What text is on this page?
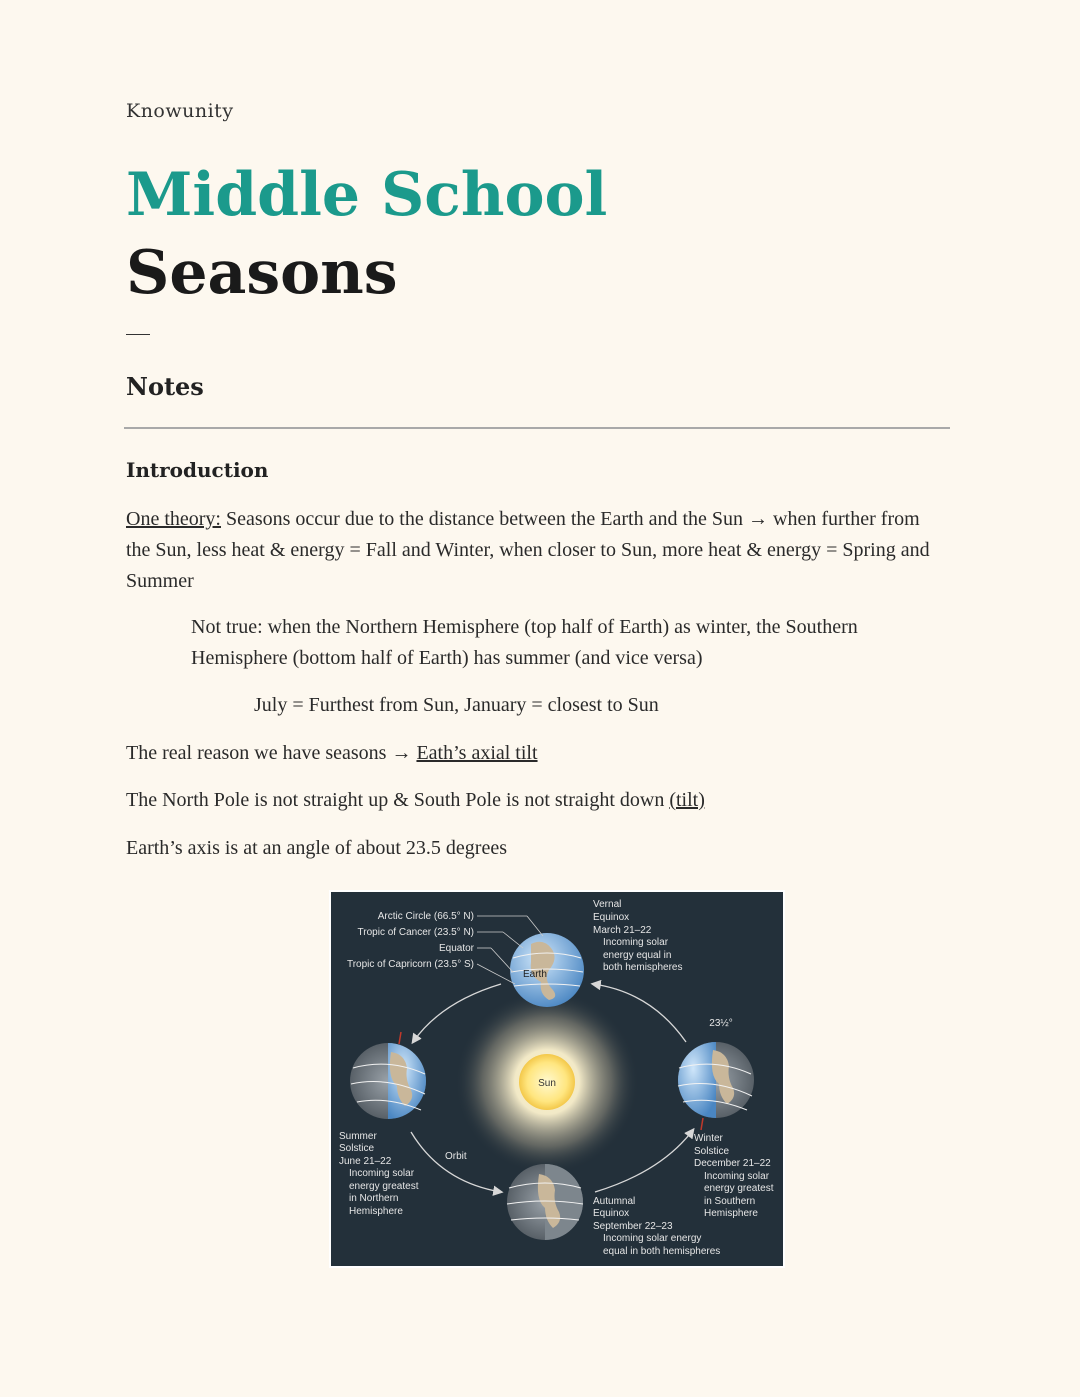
Knowunity
Middle School
Seasons
Notes
Introduction
One theory: Seasons occur due to the distance between the Earth and the Sun → when further from the Sun, less heat & energy = Fall and Winter, when closer to Sun, more heat & energy = Spring and Summer
Not true: when the Northern Hemisphere (top half of Earth) as winter, the Southern Hemisphere (bottom half of Earth) has summer (and vice versa)
July = Furthest from Sun, January = closest to Sun
The real reason we have seasons → Eath’s axial tilt
The North Pole is not straight up & South Pole is not straight down (tilt)
Earth’s axis is at an angle of about 23.5 degrees
Sun
Orbit
Earth
23½°
Arctic Circle (66.5° N)
Tropic of Cancer (23.5° N)
Equator
Tropic of Capricorn (23.5° S)
Vernal
Equinox
March 21–22
Incoming solar
energy equal in
both hemispheres
Summer
Solstice
June 21–22
Incoming solar
energy greatest
in Northern
Hemisphere
Winter
Solstice
December 21–22
Incoming solar
energy greatest
in Southern
Hemisphere
Autumnal
Equinox
September 22–23
Incoming solar energy
equal in both hemispheres
